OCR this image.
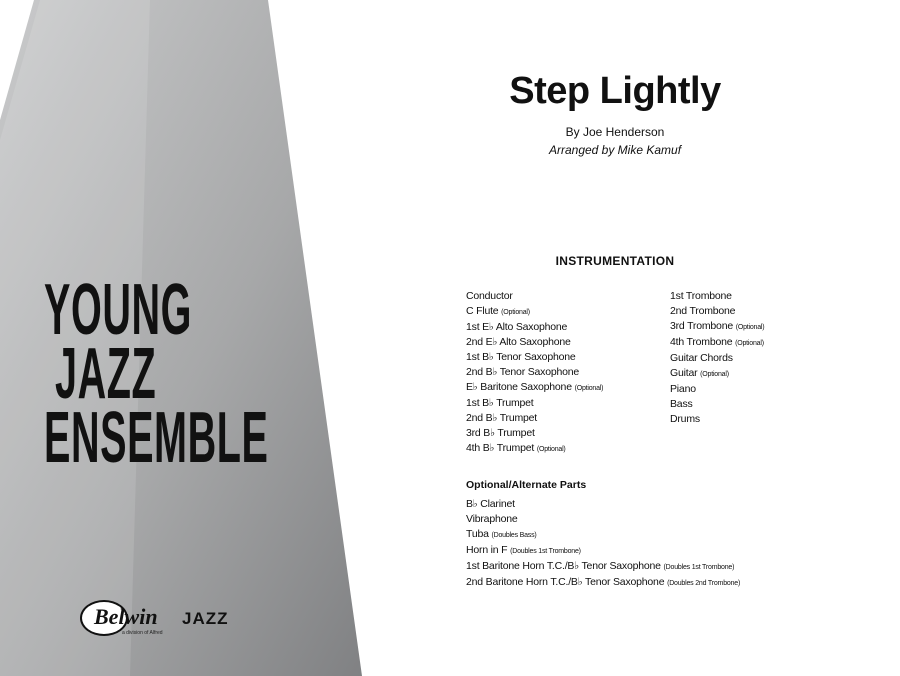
YOUNG
JAZZ
ENSEMBLE
Belwin JAZZ
a division of Alfred
Step Lightly
By Joe Henderson
Arranged by Mike Kamuf
INSTRUMENTATION
Conductor
C Flute (Optional)
1st E♭ Alto Saxophone
2nd E♭ Alto Saxophone
1st B♭ Tenor Saxophone
2nd B♭ Tenor Saxophone
E♭ Baritone Saxophone (Optional)
1st B♭ Trumpet
2nd B♭ Trumpet
3rd B♭ Trumpet
4th B♭ Trumpet (Optional)
1st Trombone
2nd Trombone
3rd Trombone (Optional)
4th Trombone (Optional)
Guitar Chords
Guitar (Optional)
Piano
Bass
Drums
Optional/Alternate Parts
B♭ Clarinet
Vibraphone
Tuba (Doubles Bass)
Horn in F (Doubles 1st Trombone)
1st Baritone Horn T.C./B♭ Tenor Saxophone (Doubles 1st Trombone)
2nd Baritone Horn T.C./B♭ Tenor Saxophone (Doubles 2nd Trombone)
